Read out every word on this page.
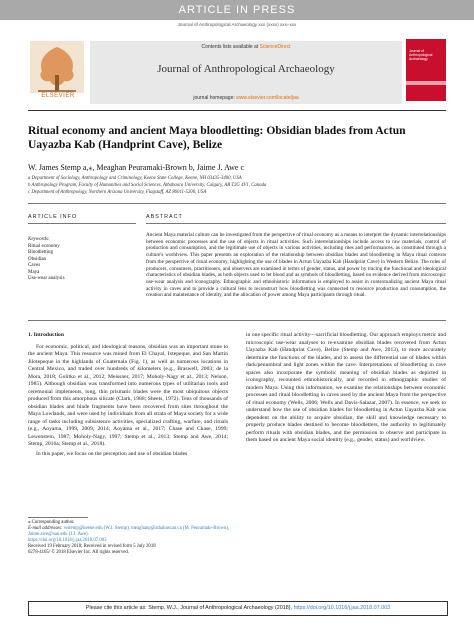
ARTICLE IN PRESS
Journal of Anthropological Archaeology xxx (xxxx) xxx–xxx
ELSEVIER
Contents lists available at ScienceDirect
Journal of Anthropological Archaeology
journal homepage: www.elsevier.com/locate/jaa
Journal of Anthropological Archaeology
Ritual economy and ancient Maya bloodletting: Obsidian blades from Actun Uayazba Kab (Handprint Cave), Belize
W. James Stemp a,⁎, Meaghan Peuramaki-Brown b, Jaime J. Awe c
a Department of Sociology, Anthropology and Criminology, Keene State College, Keene, NH 03435-3400, USA
b Anthropology Program, Faculty of Humanities and Social Sciences, Athabasca University, Calgary, AB T2G 4V1, Canada
c Department of Anthropology, Northern Arizona University, Flagstaff, AZ 86011-5200, USA
ARTICLE INFO	ABSTRACT
Keywords:
Ritual economy
Bloodletting
Obsidian
Caves
Maya
Use-wear analysis
Ancient Maya material culture can be investigated from the perspective of ritual economy as a means to interpret the dynamic interrelationships between economic processes and the use of objects in ritual activities. Such interrelationships include access to raw materials, control of production and consumption, and the legitimate use of objects in various activities, including rites and performances, as constituted through a culture's worldview. This paper presents an exploration of the relationship between obsidian blades and bloodletting in Maya ritual contexts from the perspective of ritual economy, highlighting the use of blades in Actun Uayazba Kab (Handprint Cave) in Western Belize. The roles of producers, consumers, practitioners, and observers are examined in terms of gender, status, and power by tracing the functional and ideological characteristics of obsidian blades, as both objects used to let blood and as symbols of bloodletting, based on evidence derived from microscopic use-wear analysis and iconography. Ethnographic and ethnohistoric information is employed to assist in contextualizing ancient Maya ritual activity in caves and to provide a cultural lens to reconstruct how bloodletting was connected to resource production and consumption, the creation and maintenance of identity, and the allocation of power among Maya participants through ritual.
1. Introduction
For economic, political, and ideological reasons, obsidian was an important stone to the ancient Maya. This resource was mined from El Chayal, Ixtepeque, and San Martín Jilotepeque in the highlands of Guatemala (Fig. 1), as well as numerous locations in Central Mexico, and traded over hundreds of kilometers (e.g., Braswell, 2003; de la Mora, 2018; Golitko et al., 2012; Meissner, 2017; Moholy-Nagy et al., 2013; Nelson, 1985). Although obsidian was transformed into numerous types of utilitarian tools and ceremonial implements, long, thin prismatic blades were the most ubiquitous objects produced from this amorphous silicate (Clark, 1988; Sheets, 1972). Tens of thousands of obsidian blades and blade fragments have been recovered from sites throughout the Maya Lowlands, and were used by individuals from all strata of Maya society for a wide range of tasks including subsistence activities, specialized crafting, warfare, and rituals (e.g., Aoyama, 1999, 2009, 2014; Aoyama et al., 2017; Chase and Chase, 1999; Lewenstein, 1987; Moholy-Nagy, 1997; Stemp et al., 2013; Stemp and Awe, 2014; Stemp, 2016a; Stemp et al., 2018).
In this paper, we focus on the perception and use of obsidian blades
in one specific ritual activity—sacrificial bloodletting. Our approach employs metric and microscopic use-wear analyses to re-examine obsidian blades recovered from Actun Uayazba Kab (Handprint Cave), Belize (Stemp and Awe, 2013), to more accurately determine the functions of the blades, and to assess the differential use of blades within dark/penumbral and light zones within the cave. Interpretations of bloodletting in cave spaces also incorporate the symbolic meaning of obsidian blades as depicted in iconography, recounted ethnohistorically, and recorded in ethnographic studies of modern Maya. Using this information, we examine the relationships between economic processes and ritual bloodletting in caves used by the ancient Maya from the perspective of ritual economy (Wells, 2006; Wells and Davis-Salazar, 2007). In essence, we seek to understand how the use of obsidian blades for bloodletting in Actun Uayazba Kab was dependent on the ability to acquire obsidian, the skill and knowledge necessary to properly produce blades destined to become bloodletters, the authority to legitimately perform rituals with obsidian blades, and the permission to observe and participate in them based on ancient Maya social identity (e.g., gender, status) and worldview.
⁎ Corresponding author.
E-mail addresses: wstemp@keene.edu (W.J. Stemp), meaghanp@athabascau.ca (M. Peuramaki-Brown), Jaime.awe@nau.edu (J.J. Awe).
https://doi.org/10.1016/j.jaa.2018.07.003
Received 19 February 2018; Received in revised form 5 July 2018
0278-4165/ © 2018 Elsevier Inc. All rights reserved.
Please cite this article as: Stemp, W.J., Journal of Anthropological Archaeology (2018), https://doi.org/10.1016/j.jaa.2018.07.003
